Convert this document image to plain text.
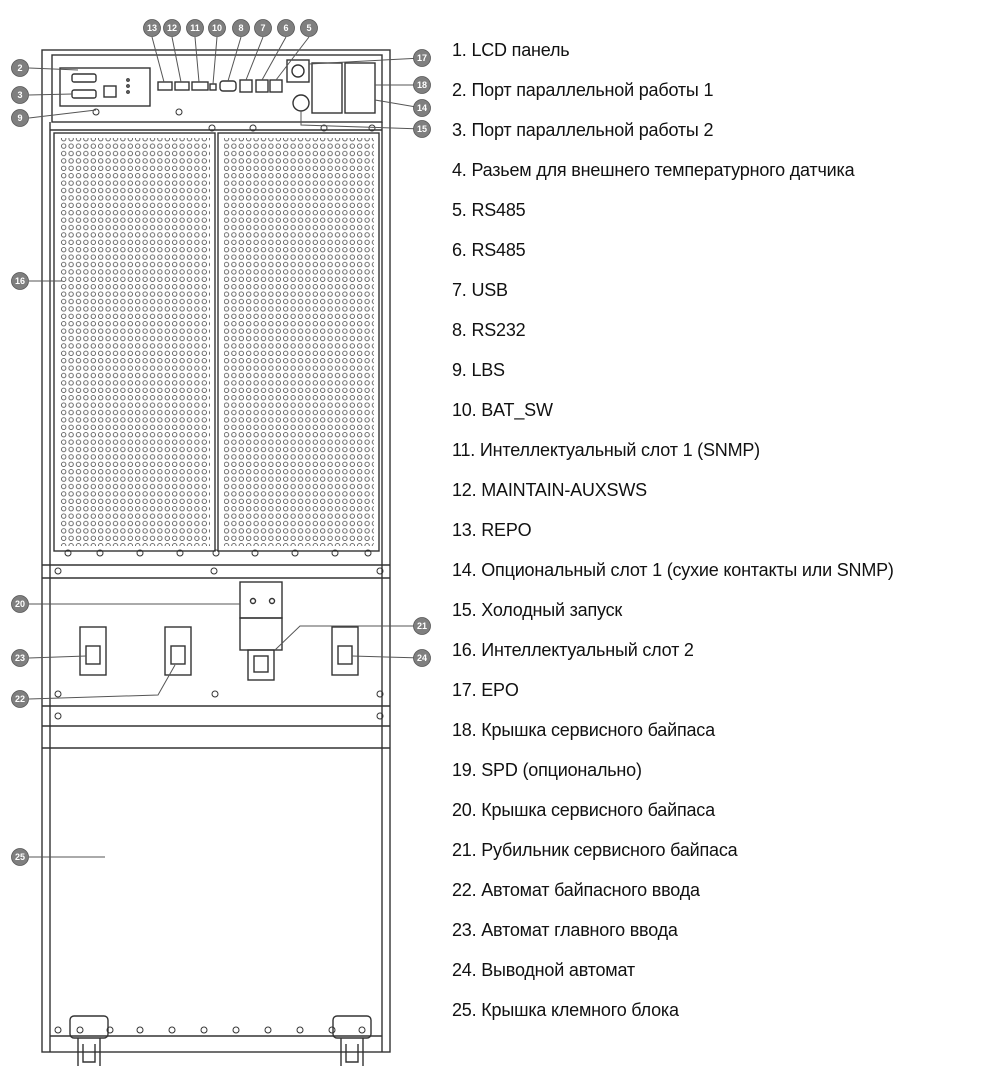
2
3
9
13 12 11 10 8 7 6 5
17
18
14
15
16
20
21
23
22
24
25
1. LCD панель
2. Порт параллельной работы 1
3. Порт параллельной работы 2
4. Разьем для внешнего температурного датчика
5. RS485
6. RS485
7. USB
8. RS232
9. LBS
10. BAT_SW
11. Интеллектуальный слот 1 (SNMP)
12. MAINTAIN-AUXSWS
13. REPO
14. Опциональный слот 1 (сухие контакты или SNMP)
15. Холодный запуск
16. Интеллектуальный слот 2
17. EPO
18. Крышка сервисного байпаса
19. SPD (опционально)
20. Крышка сервисного байпаса
21. Рубильник сервисного байпаса
22. Автомат байпасного ввода
23. Автомат главного ввода
24. Выводной автомат
25. Крышка клемного блока
